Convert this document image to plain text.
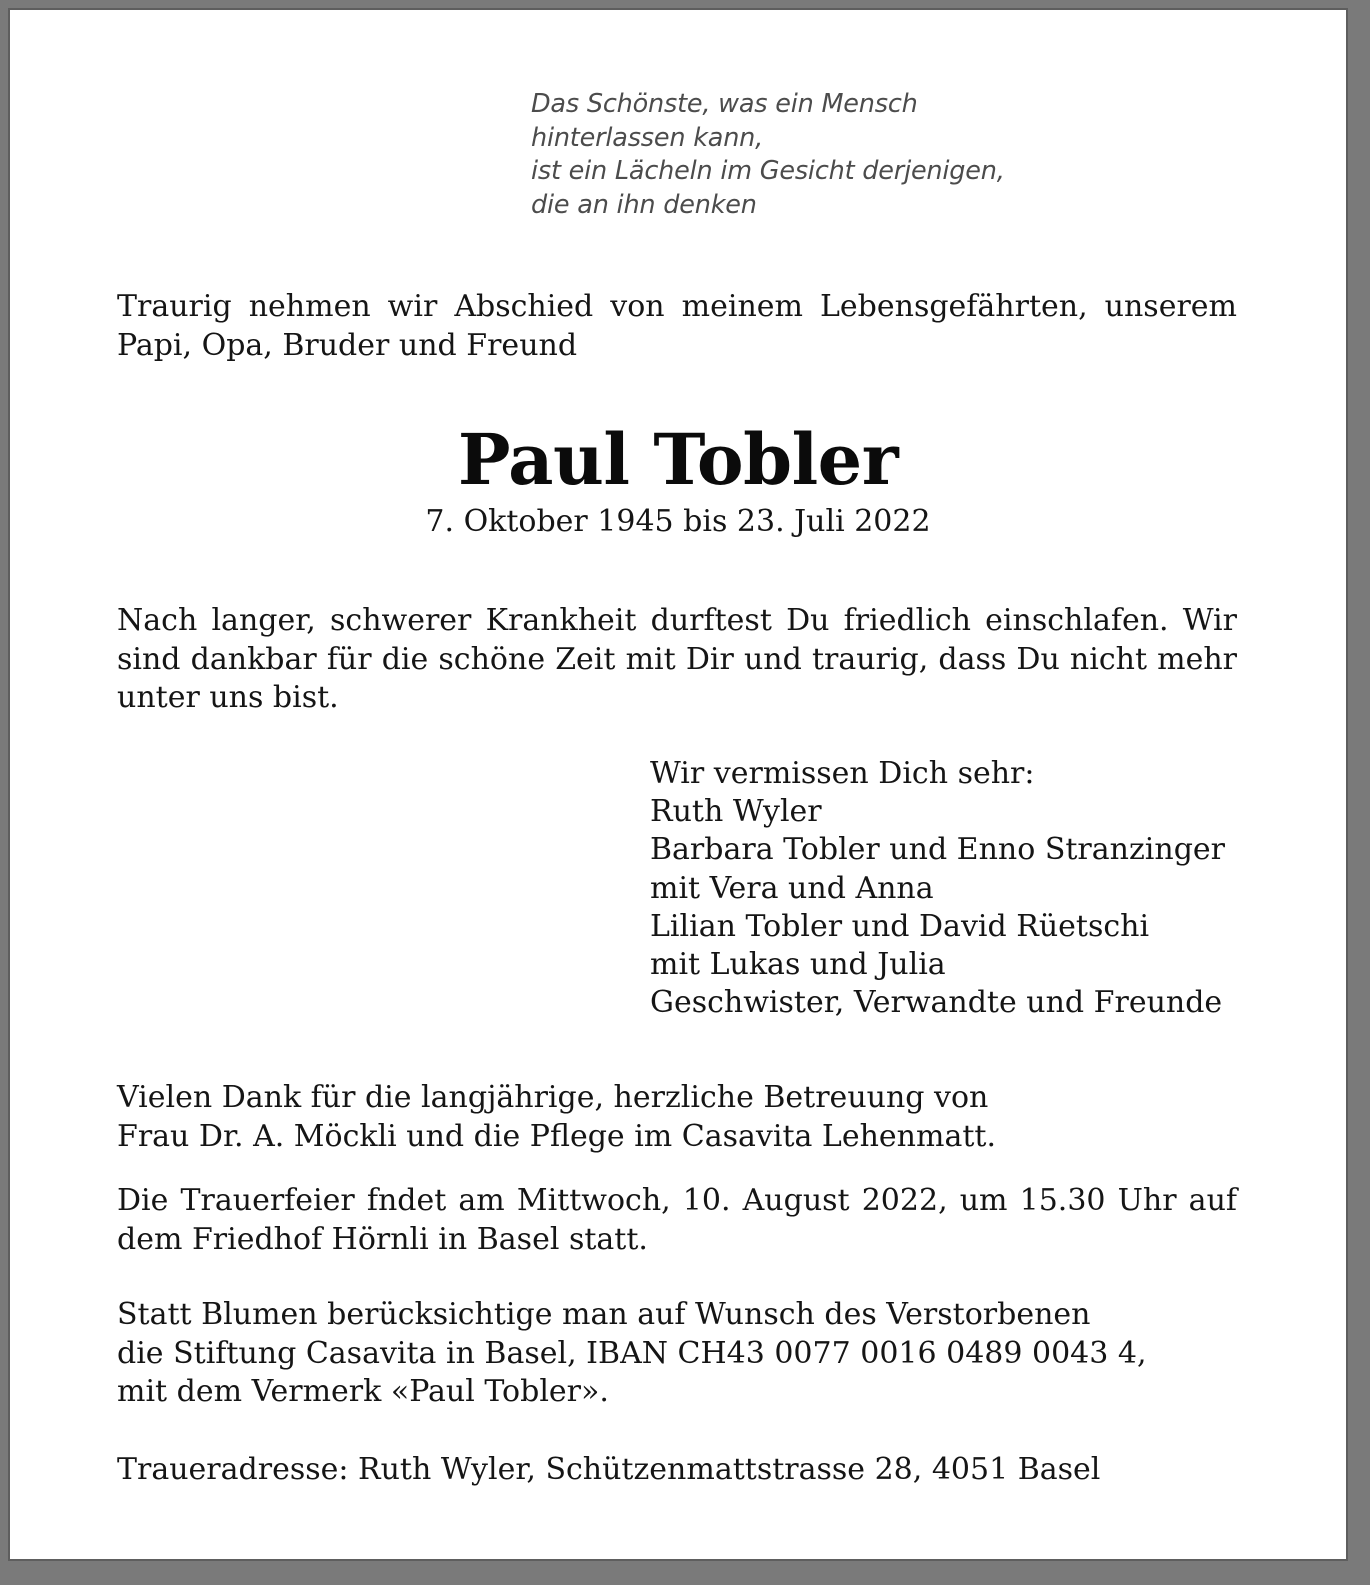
Das Schönste, was ein Mensch
hinterlassen kann,
ist ein Lächeln im Gesicht derjenigen,
die an ihn denken
Traurig nehmen wir Abschied von meinem Lebensgefährten, unserem Papi, Opa, Bruder und Freund
Paul Tobler
7. Oktober 1945 bis 23. Juli 2022
Nach langer, schwerer Krankheit durftest Du friedlich einschlafen. Wir sind dankbar für die schöne Zeit mit Dir und traurig, dass Du nicht mehr unter uns bist.
Wir vermissen Dich sehr:
Ruth Wyler
Barbara Tobler und Enno Stranzinger
mit Vera und Anna
Lilian Tobler und David Rüetschi
mit Lukas und Julia
Geschwister, Verwandte und Freunde
Vielen Dank für die langjährige, herzliche Betreuung von
Frau Dr. A. Möckli und die Pflege im Casavita Lehenmatt.
Die Trauerfeier fndet am Mittwoch, 10. August 2022, um 15.30 Uhr auf dem Friedhof Hörnli in Basel statt.
Statt Blumen berücksichtige man auf Wunsch des Verstorbenen
die Stiftung Casavita in Basel, IBAN CH43 0077 0016 0489 0043 4,
mit dem Vermerk «Paul Tobler».
Traueradresse: Ruth Wyler, Schützenmattstrasse 28, 4051 Basel
